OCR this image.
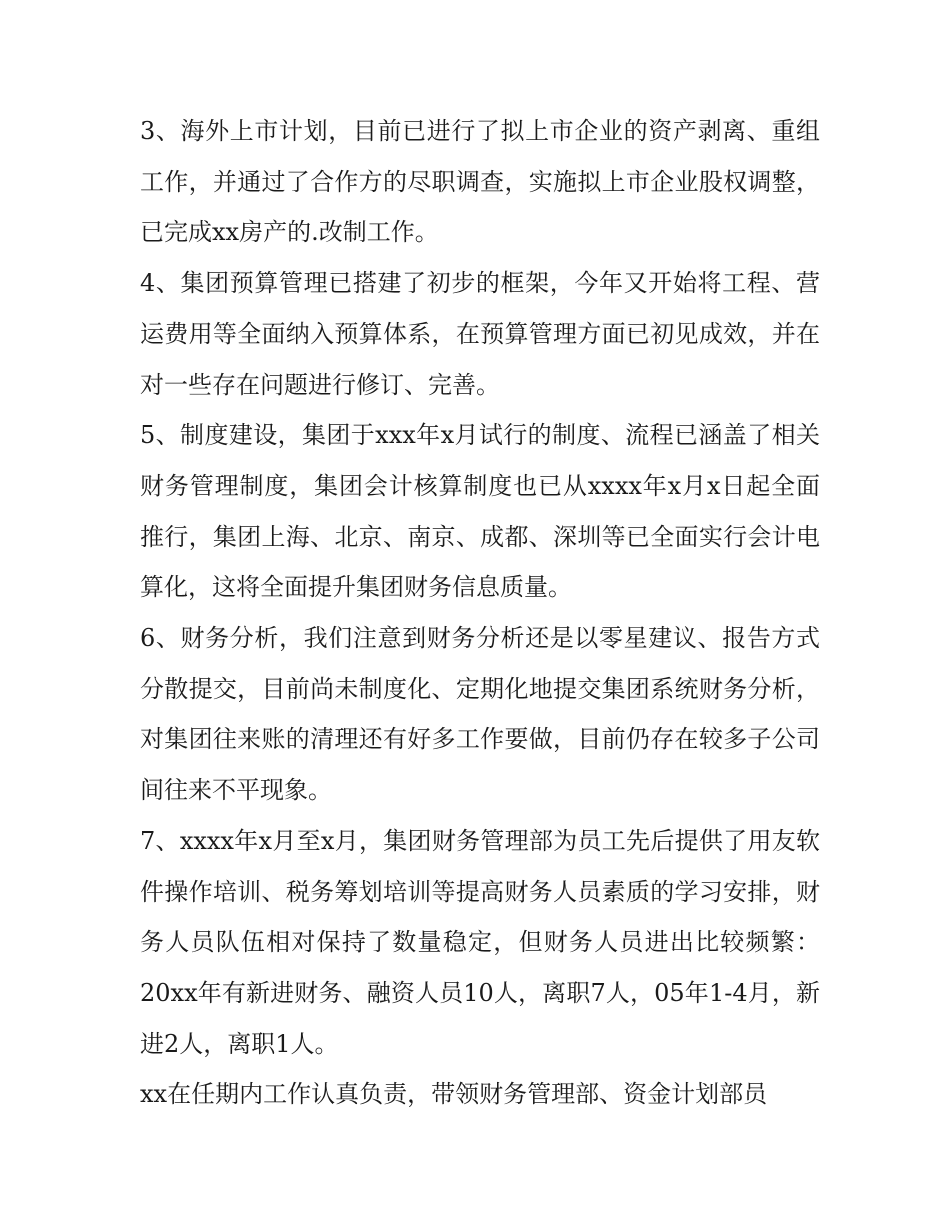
3、海外上市计划，目前已进行了拟上市企业的资产剥离、重组工作，并通过了合作方的尽职调查，实施拟上市企业股权调整，已完成xx房产的.改制工作。

4、集团预算管理已搭建了初步的框架，今年又开始将工程、营运费用等全面纳入预算体系，在预算管理方面已初见成效，并在对一些存在问题进行修订、完善。

5、制度建设，集团于xxx年x月试行的制度、流程已涵盖了相关财务管理制度，集团会计核算制度也已从xxxx年x月x日起全面推行，集团上海、北京、南京、成都、深圳等已全面实行会计电算化，这将全面提升集团财务信息质量。

6、财务分析，我们注意到财务分析还是以零星建议、报告方式分散提交，目前尚未制度化、定期化地提交集团系统财务分析，对集团往来账的清理还有好多工作要做，目前仍存在较多子公司间往来不平现象。

7、xxxx年x月至x月，集团财务管理部为员工先后提供了用友软件操作培训、税务筹划培训等提高财务人员素质的学习安排，财务人员队伍相对保持了数量稳定，但财务人员进出比较频繁：20xx年有新进财务、融资人员10人，离职7人，05年1-4月，新进2人，离职1人。

xx在任期内工作认真负责，带领财务管理部、资金计划部员
